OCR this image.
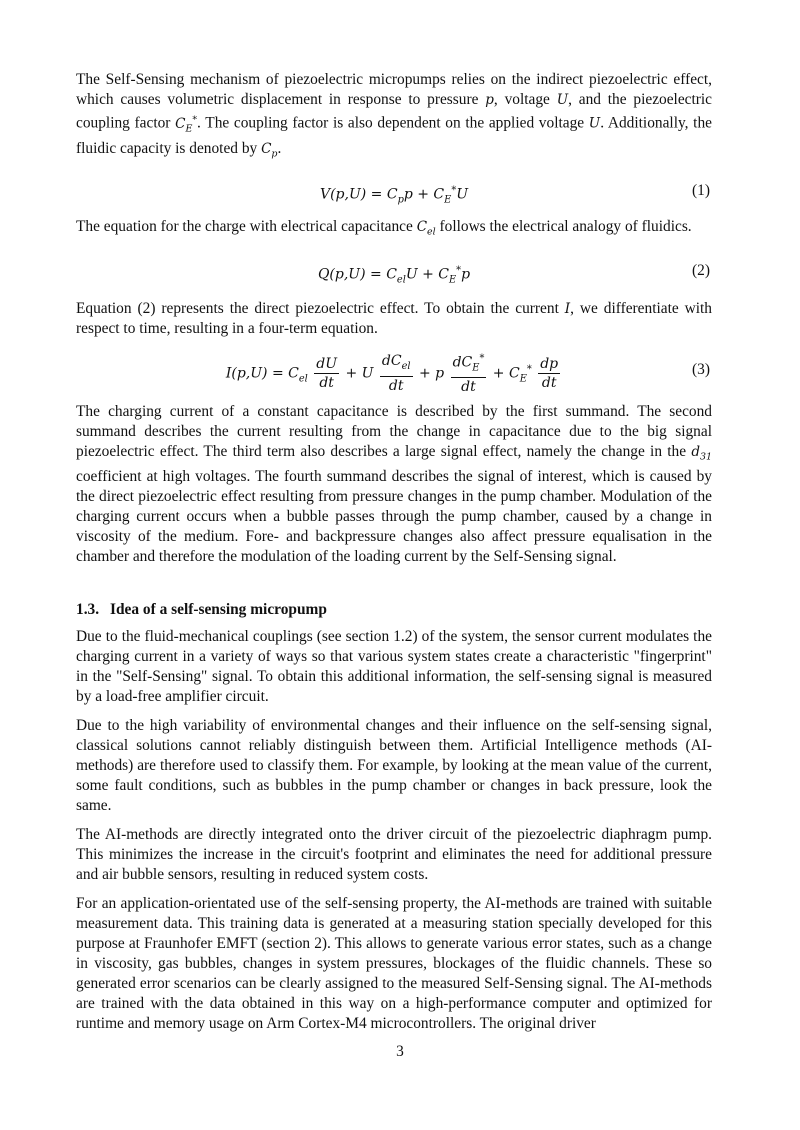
The Self-Sensing mechanism of piezoelectric micropumps relies on the indirect piezoelectric effect, which causes volumetric displacement in response to pressure p, voltage U, and the piezoelectric coupling factor $C_E^*$. The coupling factor is also dependent on the applied voltage U. Additionally, the fluidic capacity is denoted by $C_p$.

$V(p,U) = C_pp + C_E^*U$	(1)

The equation for the charge with electrical capacitance $C_{el}$ follows the electrical analogy of fluidics.

$Q(p,U) = C_{el}U + C_E^*p$	(2)

Equation (2) represents the direct piezoelectric effect. To obtain the current I, we differentiate with respect to time, resulting in a four-term equation.

$I(p,U) = C_{el} \frac{dU}{dt} + U \frac{dC_{el}}{dt} + p \frac{dC_E^*}{dt} + C_E^* \frac{dp}{dt}$	(3)

The charging current of a constant capacitance is described by the first summand. The second summand describes the current resulting from the change in capacitance due to the big signal piezoelectric effect. The third term also describes a large signal effect, namely the change in the $d_{31}$ coefficient at high voltages. The fourth summand describes the signal of interest, which is caused by the direct piezoelectric effect resulting from pressure changes in the pump chamber. Modulation of the charging current occurs when a bubble passes through the pump chamber, caused by a change in viscosity of the medium. Fore- and backpressure changes also affect pressure equalisation in the chamber and therefore the modulation of the loading current by the Self-Sensing signal.

1.3. Idea of a self-sensing micropump

Due to the fluid-mechanical couplings (see section 1.2) of the system, the sensor current modulates the charging current in a variety of ways so that various system states create a characteristic "fingerprint" in the "Self-Sensing" signal. To obtain this additional information, the self-sensing signal is measured by a load-free amplifier circuit.

Due to the high variability of environmental changes and their influence on the self-sensing signal, classical solutions cannot reliably distinguish between them. Artificial Intelligence methods (AI-methods) are therefore used to classify them. For example, by looking at the mean value of the current, some fault conditions, such as bubbles in the pump chamber or changes in back pressure, look the same.

The AI-methods are directly integrated onto the driver circuit of the piezoelectric diaphragm pump. This minimizes the increase in the circuit's footprint and eliminates the need for additional pressure and air bubble sensors, resulting in reduced system costs.

For an application-orientated use of the self-sensing property, the AI-methods are trained with suitable measurement data. This training data is generated at a measuring station specially developed for this purpose at Fraunhofer EMFT (section 2). This allows to generate various error states, such as a change in viscosity, gas bubbles, changes in system pressures, blockages of the fluidic channels. These so generated error scenarios can be clearly assigned to the measured Self-Sensing signal. The AI-methods are trained with the data obtained in this way on a high-performance computer and optimized for runtime and memory usage on Arm Cortex-M4 microcontrollers. The original driver

3
